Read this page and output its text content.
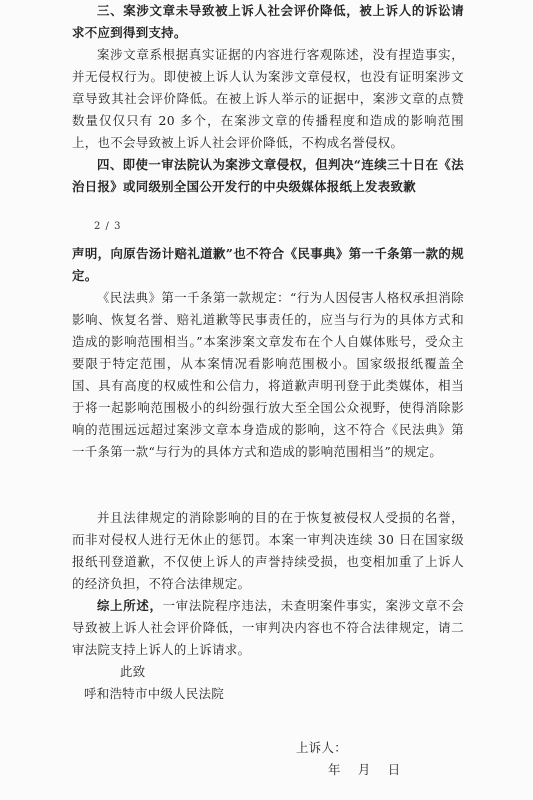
三、案涉文章未导致被上诉人社会评价降低，被上诉人的诉讼请求不应到得到支持。

案涉文章系根据真实证据的内容进行客观陈述，没有捏造事实，并无侵权行为。即使被上诉人认为案涉文章侵权，也没有证明案涉文章导致其社会评价降低。在被上诉人举示的证据中，案涉文章的点赞数量仅仅只有 20 多个，在案涉文章的传播程度和造成的影响范围上，也不会导致被上诉人社会评价降低，不构成名誉侵权。

四、即使一审法院认为案涉文章侵权，但判决“连续三十日在《法治日报》或同级别全国公开发行的中央级媒体报纸上发表致歉

2 / 3

声明，向原告汤计赔礼道歉”也不符合《民事典》第一千条第一款的规定。

《民法典》第一千条第一款规定：“行为人因侵害人格权承担消除影响、恢复名誉、赔礼道歉等民事责任的，应当与行为的具体方式和造成的影响范围相当。”本案涉案文章发布在个人自媒体账号，受众主要限于特定范围，从本案情况看影响范围极小。国家级报纸覆盖全国、具有高度的权威性和公信力，将道歉声明刊登于此类媒体，相当于将一起影响范围极小的纠纷强行放大至全国公众视野，使得消除影响的范围远远超过案涉文章本身造成的影响，这不符合《民法典》第一千条第一款“与行为的具体方式和造成的影响范围相当”的规定。

并且法律规定的消除影响的目的在于恢复被侵权人受损的名誉，而非对侵权人进行无休止的惩罚。本案一审判决连续 30 日在国家级报纸刊登道歉，不仅使上诉人的声誉持续受损，也变相加重了上诉人的经济负担，不符合法律规定。

综上所述，一审法院程序违法，未查明案件事实，案涉文章不会导致被上诉人社会评价降低，一审判决内容也不符合法律规定，请二审法院支持上诉人的上诉请求。

此致
呼和浩特市中级人民法院
上诉人：
年    月    日
